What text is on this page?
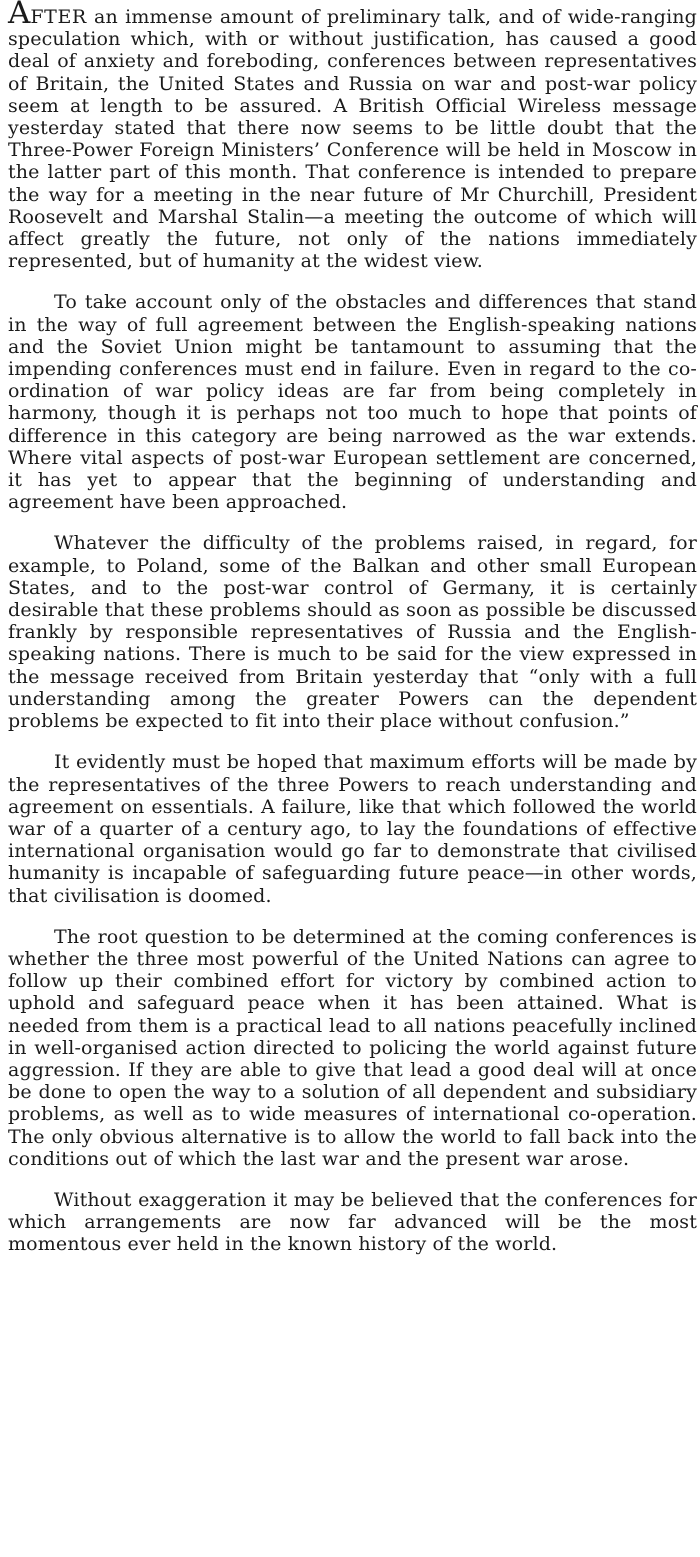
AFTER an immense amount of preliminary talk, and of wide-ranging speculation which, with or without justification, has caused a good deal of anxiety and foreboding, conferences between representatives of Britain, the United States and Russia on war and post-war policy seem at length to be assured. A British Official Wireless message yesterday stated that there now seems to be little doubt that the Three-Power Foreign Ministers’ Conference will be held in Moscow in the latter part of this month. That conference is intended to prepare the way for a meeting in the near future of Mr Churchill, President Roosevelt and Marshal Stalin—a meeting the outcome of which will affect greatly the future, not only of the nations immediately represented, but of humanity at the widest view.

To take account only of the obstacles and differences that stand in the way of full agreement between the English-speaking nations and the Soviet Union might be tantamount to assuming that the impending conferences must end in failure. Even in regard to the co-ordination of war policy ideas are far from being completely in harmony, though it is perhaps not too much to hope that points of difference in this category are being narrowed as the war extends. Where vital aspects of post-war European settlement are concerned, it has yet to appear that the beginning of understanding and agreement have been approached.

Whatever the difficulty of the problems raised, in regard, for example, to Poland, some of the Balkan and other small European States, and to the post-war control of Germany, it is certainly desirable that these problems should as soon as possible be discussed frankly by responsible representatives of Russia and the English-speaking nations. There is much to be said for the view expressed in the message received from Britain yesterday that “only with a full understanding among the greater Powers can the dependent problems be expected to fit into their place without confusion.”

It evidently must be hoped that maximum efforts will be made by the representatives of the three Powers to reach understanding and agreement on essentials. A failure, like that which followed the world war of a quarter of a century ago, to lay the foundations of effective international organisation would go far to demonstrate that civilised humanity is incapable of safeguarding future peace—in other words, that civilisation is doomed.

The root question to be determined at the coming conferences is whether the three most powerful of the United Nations can agree to follow up their combined effort for victory by combined action to uphold and safeguard peace when it has been attained. What is needed from them is a practical lead to all nations peacefully inclined in well-organised action directed to policing the world against future aggression. If they are able to give that lead a good deal will at once be done to open the way to a solution of all dependent and subsidiary problems, as well as to wide measures of international co-operation. The only obvious alternative is to allow the world to fall back into the conditions out of which the last war and the present war arose.

Without exaggeration it may be believed that the conferences for which arrangements are now far advanced will be the most momentous ever held in the known history of the world.
